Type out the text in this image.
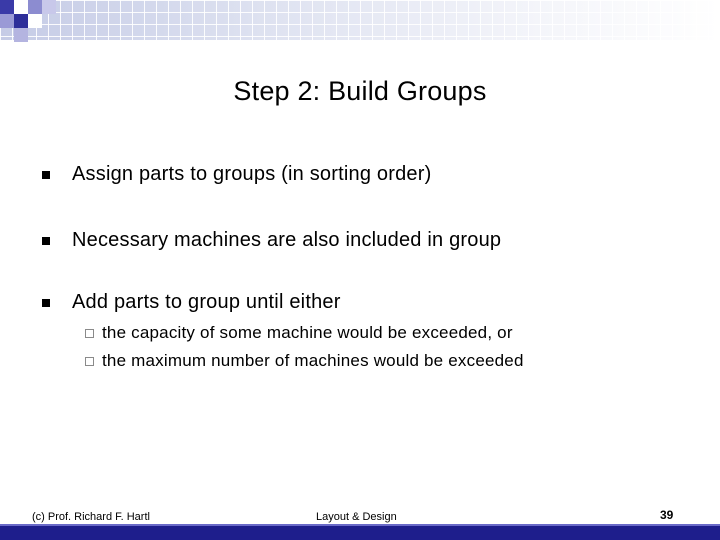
Step 2: Build Groups
Assign parts to groups (in sorting order)
Necessary machines are also included in group
Add parts to group until either
the capacity of some machine would be exceeded, or
the maximum number of machines would be exceeded
(c) Prof. Richard F. Hartl	Layout & Design	39
